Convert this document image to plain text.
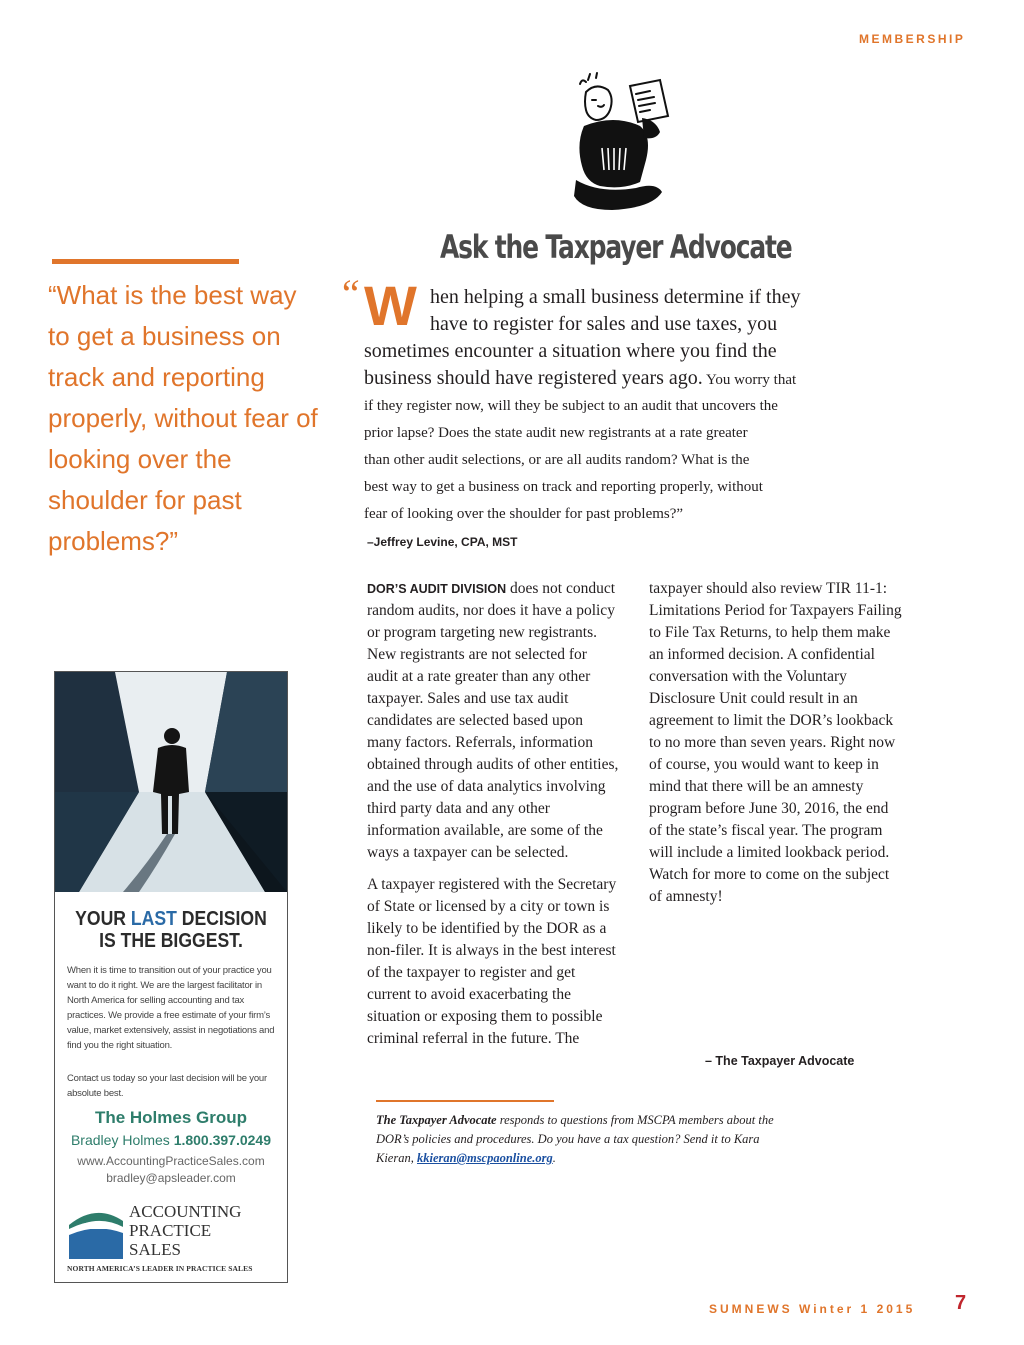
MEMBERSHIP
Ask the Taxpayer Advocate
“What is the best way to get a business on track and reporting properly, without fear of looking over the shoulder for past problems?”
“ W hen helping a small business determine if they
have to register for sales and use taxes, you
sometimes encounter a situation where you find the
business should have registered years ago. You worry that
if they register now, will they be subject to an audit that uncovers the
prior lapse? Does the state audit new registrants at a rate greater
than other audit selections, or are all audits random? What is the
best way to get a business on track and reporting properly, without
fear of looking over the shoulder for past problems?”
–Jeffrey Levine, CPA, MST

DOR’S AUDIT DIVISION does not conduct random audits, nor does it have a policy or program targeting new registrants. New registrants are not selected for audit at a rate greater than any other taxpayer. Sales and use tax audit candidates are selected based upon many factors. Referrals, information obtained through audits of other entities, and the use of data analytics involving third party data and any other information available, are some of the ways a taxpayer can be selected.

A taxpayer registered with the Secretary of State or licensed by a city or town is likely to be identified by the DOR as a non-filer. It is always in the best interest of the taxpayer to register and get current to avoid exacerbating the situation or exposing them to possible criminal referral in the future. The taxpayer should also review TIR 11-1: Limitations Period for Taxpayers Failing to File Tax Returns, to help them make an informed decision. A confidential conversation with the Voluntary Disclosure Unit could result in an agreement to limit the DOR’s lookback to no more than seven years. Right now of course, you would want to keep in mind that there will be an amnesty program before June 30, 2016, the end of the state’s fiscal year. The program will include a limited lookback period. Watch for more to come on the subject of amnesty!

– The Taxpayer Advocate
The Taxpayer Advocate responds to questions from MSCPA members about the DOR’s policies and procedures. Do you have a tax question? Send it to Kara Kieran, kkieran@mscpaonline.org.
YOUR LAST DECISION
IS THE BIGGEST.
When it is time to transition out of your practice you want to do it right. We are the largest facilitator in North America for selling accounting and tax practices. We provide a free estimate of your firm’s value, market extensively, assist in negotiations and find you the right situation.
Contact us today so your last decision will be your absolute best.
The Holmes Group
Bradley Holmes 1.800.397.0249
www.AccountingPracticeSales.com
bradley@apsleader.com
ACCOUNTING
PRACTICE
SALES
NORTH AMERICA’S LEADER IN PRACTICE SALES
SUMNEWS Winter 1 2015 7
